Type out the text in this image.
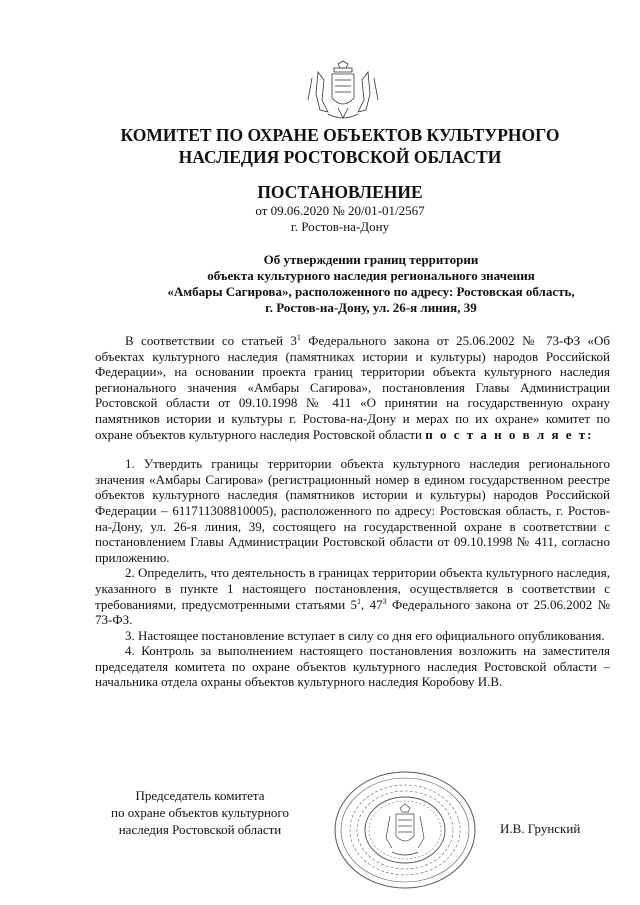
КОМИТЕТ ПО ОХРАНЕ ОБЪЕКТОВ КУЛЬТУРНОГО
НАСЛЕДИЯ РОСТОВСКОЙ ОБЛАСТИ
ПОСТАНОВЛЕНИЕ
от 09.06.2020 № 20/01-01/2567
г. Ростов-на-Дону
Об утверждении границ территории
объекта культурного наследия регионального значения
«Амбары Сагирова», расположенного по адресу: Ростовская область,
г. Ростов-на-Дону, ул. 26-я линия, 39

В соответствии со статьей $3^1$ Федерального закона от 25.06.2002 № 73-ФЗ «Об объектах культурного наследия (памятниках истории и культуры) народов Российской Федерации», на основании проекта границ территории объекта культурного наследия регионального значения «Амбары Сагирова», постановления Главы Администрации Ростовской области от 09.10.1998 № 411 «О принятии на государственную охрану памятников истории и культуры г. Ростова-на-Дону и мерах по их охране» комитет по охране объектов культурного наследия Ростовской области п о с т а н о в л я е т:

1. Утвердить границы территории объекта культурного наследия регионального значения «Амбары Сагирова» (регистрационный номер в едином государственном реестре объектов культурного наследия (памятников истории и культуры) народов Российской Федерации – 611711308810005), расположенного по адресу: Ростовская область, г. Ростов-на-Дону, ул. 26-я линия, 39, состоящего на государственной охране в соответствии с постановлением Главы Администрации Ростовской области от 09.10.1998 № 411, согласно приложению.

2. Определить, что деятельность в границах территории объекта культурного наследия, указанного в пункте 1 настоящего постановления, осуществляется в соответствии с требованиями, предусмотренными статьями $5^1$, $47^3$ Федерального закона от 25.06.2002 № 73-ФЗ.

3. Настоящее постановление вступает в силу со дня его официального опубликования.

4. Контроль за выполнением настоящего постановления возложить на заместителя председателя комитета по охране объектов культурного наследия Ростовской области – начальника отдела охраны объектов культурного наследия Коробову И.В.

Председатель комитета
по охране объектов культурного
наследия Ростовской области	И.В. Грунский
